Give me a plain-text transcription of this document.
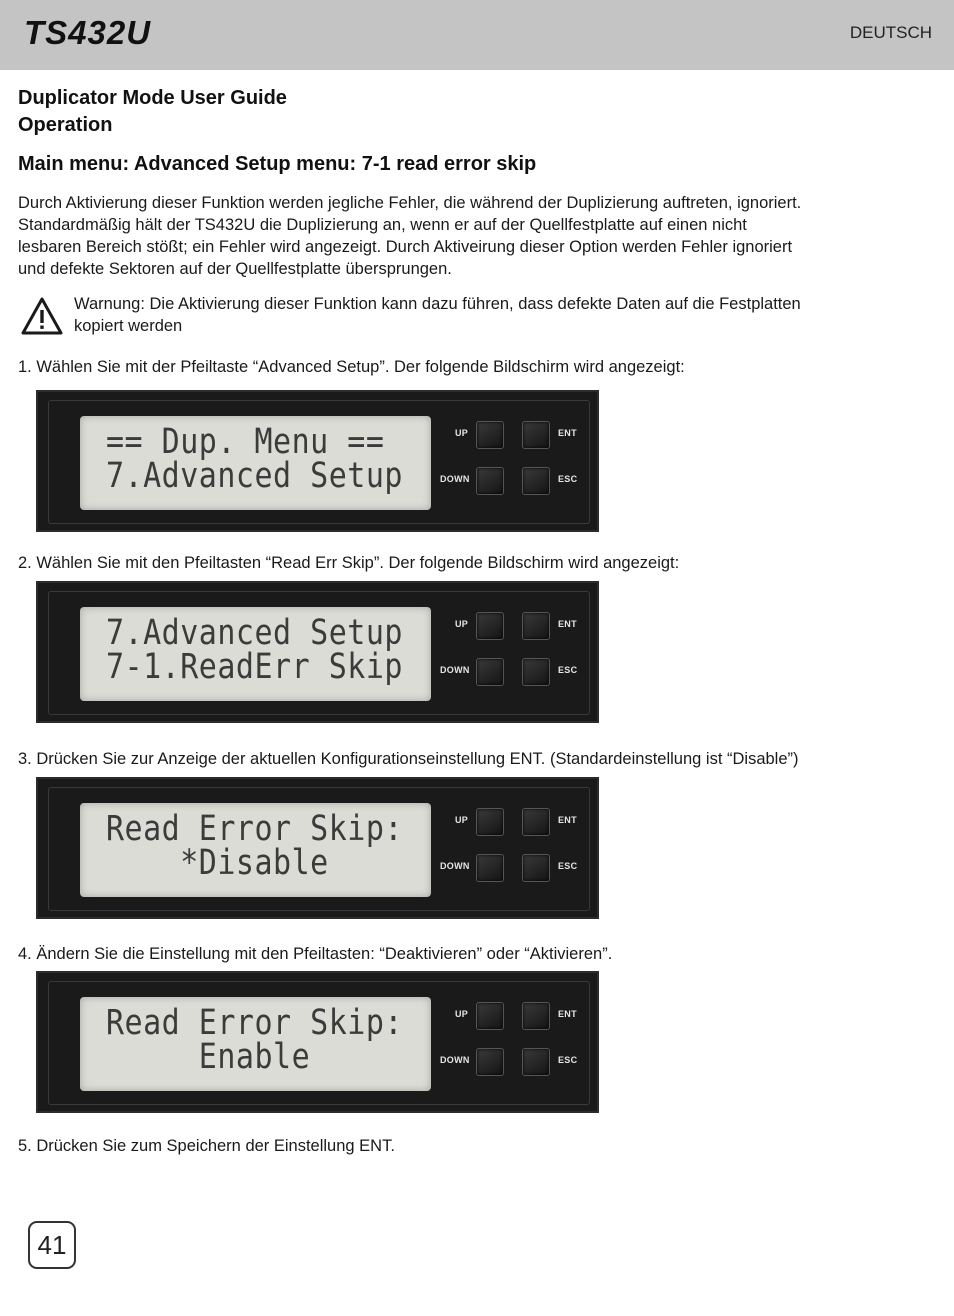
TS432U	DEUTSCH
Duplicator Mode User Guide
Operation
Main menu: Advanced Setup menu: 7-1 read error skip
Durch Aktivierung dieser Funktion werden jegliche Fehler, die während der Duplizierung auftreten, ignoriert.
Standardmäßig hält der TS432U die Duplizierung an, wenn er auf der Quellfestplatte auf einen nicht
lesbaren Bereich stößt; ein Fehler wird angezeigt. Durch Aktiveirung dieser Option werden Fehler ignoriert
und defekte Sektoren auf der Quellfestplatte übersprungen.
Warnung: Die Aktivierung dieser Funktion kann dazu führen, dass defekte Daten auf die Festplatten
kopiert werden
1. Wählen Sie mit der Pfeiltaste “Advanced Setup”. Der folgende Bildschirm wird angezeigt:
== Dup. Menu ==
7.Advanced Setup
UP	ENT
DOWN	ESC
2. Wählen Sie mit den Pfeiltasten “Read Err Skip”. Der folgende Bildschirm wird angezeigt:
7.Advanced Setup
7-1.ReadErr Skip
UP	ENT
DOWN	ESC
3. Drücken Sie zur Anzeige der aktuellen Konfigurationseinstellung ENT. (Standardeinstellung ist “Disable”)
Read Error Skip:
*Disable
UP	ENT
DOWN	ESC
4. Ändern Sie die Einstellung mit den Pfeiltasten: “Deaktivieren” oder “Aktivieren”.
Read Error Skip:
Enable
UP	ENT
DOWN	ESC
5. Drücken Sie zum Speichern der Einstellung ENT.
41
